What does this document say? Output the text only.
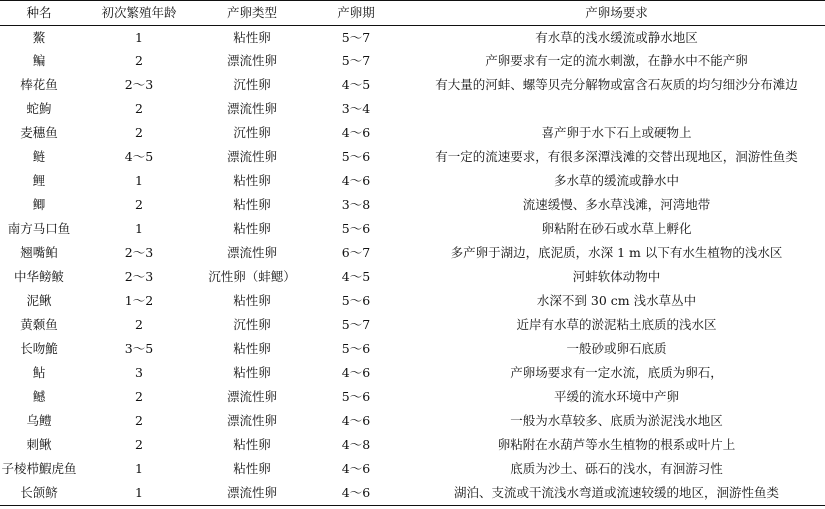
种名	初次繁殖年龄	产卵类型	产卵期	产卵场要求
鰲	1	粘性卵	5～7	有水草的浅水缓流或静水地区
鳊	2	漂流性卵	5～7	产卵要求有一定的流水刺激，在静水中不能产卵
棒花鱼	2～3	沉性卵	4～5	有大量的河蚌、螺等贝壳分解物或富含石灰质的均匀细沙分布滩边
蛇鮈	2	漂流性卵	3～4	
麦穗鱼	2	沉性卵	4～6	喜产卵于水下石上或硬物上
鲢	4～5	漂流性卵	5～6	有一定的流速要求，有很多深潭浅滩的交替出现地区，洄游性鱼类
鲤	1	粘性卵	4～6	多水草的缓流或静水中
鲫	2	粘性卵	3～8	流速缓慢、多水草浅滩，河湾地带
南方马口鱼	1	粘性卵	5～6	卵粘附在砂石或水草上孵化
翘嘴鲌	2～3	漂流性卵	6～7	多产卵于湖边，底泥质，水深 1 m 以下有水生植物的浅水区
中华鳑鲏	2～3	沉性卵（蚌鳃）	4～5	河蚌软体动物中
泥鳅	1～2	粘性卵	5～6	水深不到 30 cm 浅水草丛中
黄颡鱼	2	沉性卵	5～7	近岸有水草的淤泥粘土底质的浅水区
长吻鮠	3～5	粘性卵	5～6	一般砂或卵石底质
鲇	3	粘性卵	4～6	产卵场要求有一定水流，底质为卵石，
鳡	2	漂流性卵	5～6	平缓的流水环境中产卵
乌鳢	2	漂流性卵	4～6	一般为水草较多、底质为淤泥浅水地区
刺鳅	2	粘性卵	4～8	卵粘附在水葫芦等水生植物的根系或叶片上
子棱栉鰕虎鱼	1	粘性卵	4～6	底质为沙土、砾石的浅水，有洄游习性
长颌鲚	1	漂流性卵	4～6	湖泊、支流或干流浅水弯道或流速较缓的地区，洄游性鱼类
